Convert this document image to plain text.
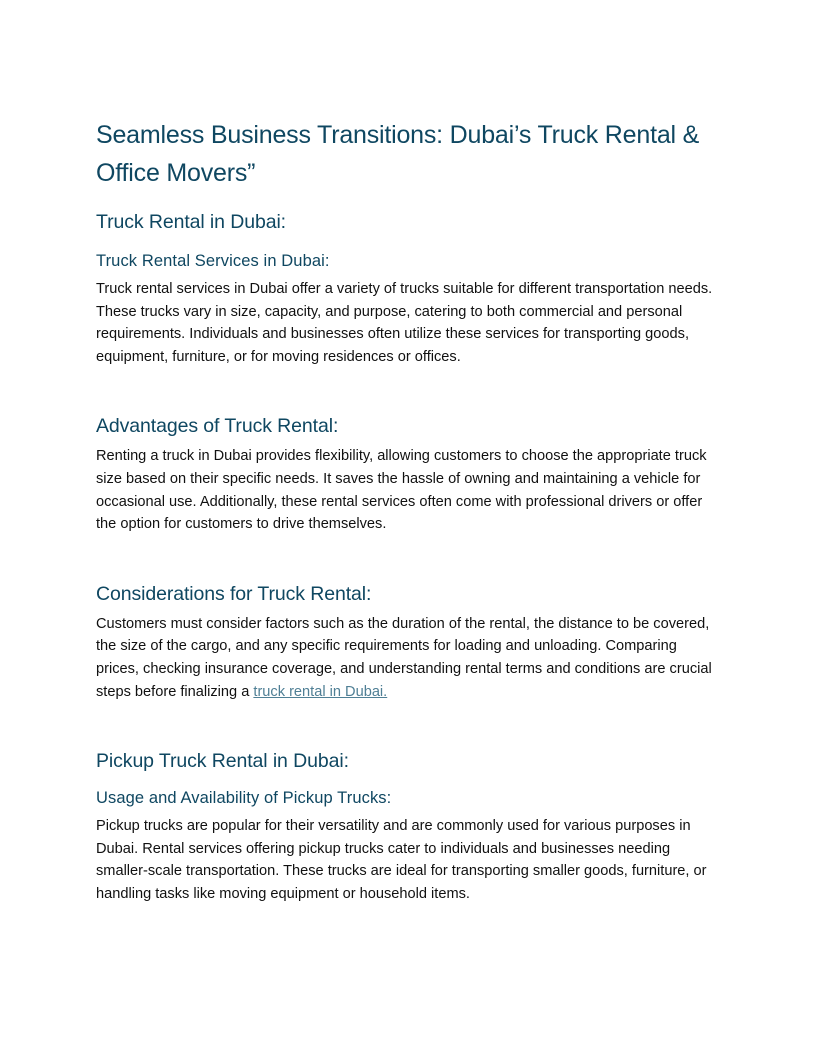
Seamless Business Transitions: Dubai’s Truck Rental & Office Movers”
Truck Rental in Dubai:
Truck Rental Services in Dubai:

Truck rental services in Dubai offer a variety of trucks suitable for different transportation needs. These trucks vary in size, capacity, and purpose, catering to both commercial and personal requirements. Individuals and businesses often utilize these services for transporting goods, equipment, furniture, or for moving residences or offices.

Advantages of Truck Rental:

Renting a truck in Dubai provides flexibility, allowing customers to choose the appropriate truck size based on their specific needs. It saves the hassle of owning and maintaining a vehicle for occasional use. Additionally, these rental services often come with professional drivers or offer the option for customers to drive themselves.

Considerations for Truck Rental:

Customers must consider factors such as the duration of the rental, the distance to be covered, the size of the cargo, and any specific requirements for loading and unloading. Comparing prices, checking insurance coverage, and understanding rental terms and conditions are crucial steps before finalizing a truck rental in Dubai.

Pickup Truck Rental in Dubai:
Usage and Availability of Pickup Trucks:

Pickup trucks are popular for their versatility and are commonly used for various purposes in Dubai. Rental services offering pickup trucks cater to individuals and businesses needing smaller-scale transportation. These trucks are ideal for transporting smaller goods, furniture, or handling tasks like moving equipment or household items.
